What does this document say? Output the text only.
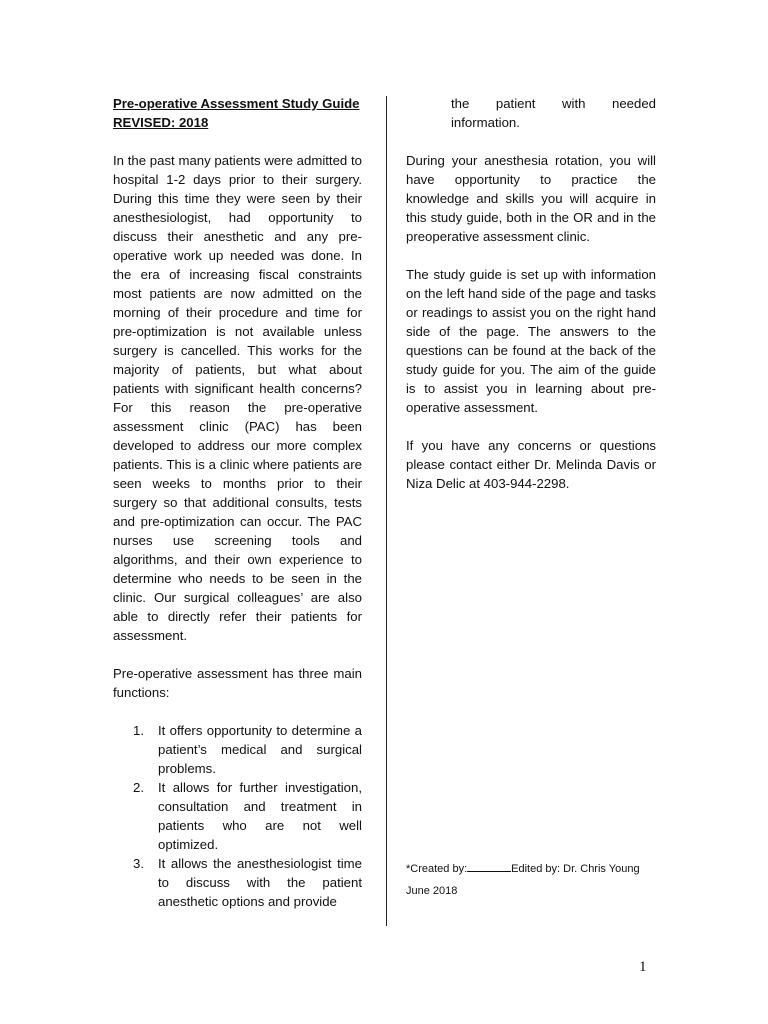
Pre-operative Assessment Study Guide

REVISED: 2018

In the past many patients were admitted to hospital 1-2 days prior to their surgery. During this time they were seen by their anesthesiologist, had opportunity to discuss their anesthetic and any pre-operative work up needed was done. In the era of increasing fiscal constraints most patients are now admitted on the morning of their procedure and time for pre-optimization is not available unless surgery is cancelled. This works for the majority of patients, but what about patients with significant health concerns? For this reason the pre-operative assessment clinic (PAC) has been developed to address our more complex patients. This is a clinic where patients are seen weeks to months prior to their surgery so that additional consults, tests and pre-optimization can occur. The PAC nurses use screening tools and algorithms, and their own experience to determine who needs to be seen in the clinic. Our surgical colleagues’ are also able to directly refer their patients for assessment.

Pre-operative assessment has three main functions:

1. It offers opportunity to determine a patient’s medical and surgical problems.
2. It allows for further investigation, consultation and treatment in patients who are not well optimized.
3. It allows the anesthesiologist time to discuss with the patient anesthetic options and provide

the patient with needed information.

During your anesthesia rotation, you will have opportunity to practice the knowledge and skills you will acquire in this study guide, both in the OR and in the preoperative assessment clinic.

The study guide is set up with information on the left hand side of the page and tasks or readings to assist you on the right hand side of the page. The answers to the questions can be found at the back of the study guide for you. The aim of the guide is to assist you in learning about pre-operative assessment.

If you have any concerns or questions please contact either Dr. Melinda Davis or Niza Delic at 403-944-2298.

*Created by:	Edited by: Dr. Chris Young
June 2018
1
